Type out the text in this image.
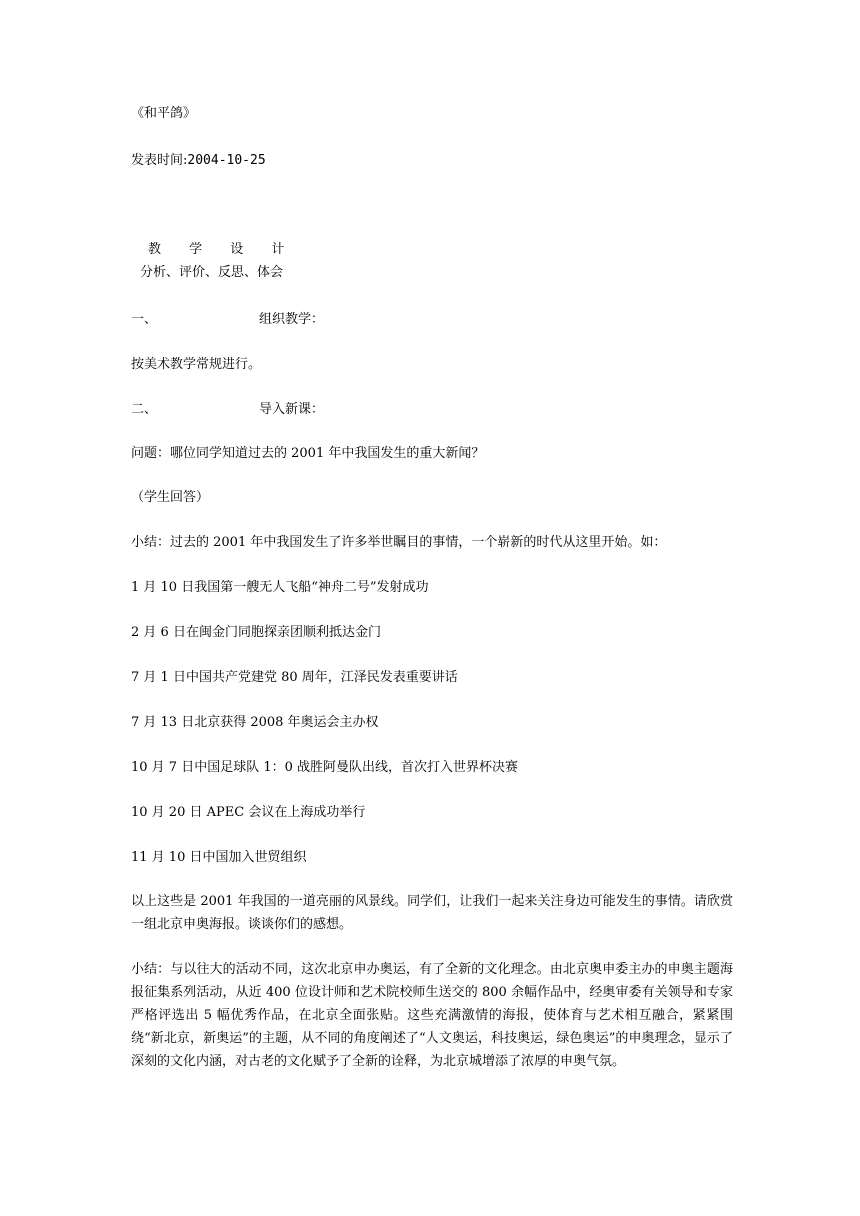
《和平鸽》

发表时间:2004-10-25

教 学 设 计

分析、评价、反思、体会

一、	组织教学：

按美术教学常规进行。

二、	导入新课：

问题：哪位同学知道过去的 2001 年中我国发生的重大新闻？

（学生回答）

小结：过去的 2001 年中我国发生了许多举世瞩目的事情，一个崭新的时代从这里开始。如：

1 月 10 日我国第一艘无人飞船“神舟二号”发射成功

2 月 6 日在闽金门同胞探亲团顺利抵达金门

7 月 1 日中国共产党建党 80 周年，江泽民发表重要讲话

7 月 13 日北京获得 2008 年奥运会主办权

10 月 7 日中国足球队 1：0 战胜阿曼队出线，首次打入世界杯决赛

10 月 20 日 APEC 会议在上海成功举行

11 月 10 日中国加入世贸组织

以上这些是 2001 年我国的一道亮丽的风景线。同学们，让我们一起来关注身边可能发生的事情。请欣赏一组北京申奥海报。谈谈你们的感想。

小结：与以往大的活动不同，这次北京申办奥运，有了全新的文化理念。由北京奥申委主办的申奥主题海报征集系列活动，从近 400 位设计师和艺术院校师生送交的 800 余幅作品中，经奥审委有关领导和专家严格评选出 5 幅优秀作品，在北京全面张贴。这些充满激情的海报，使体育与艺术相互融合，紧紧围绕“新北京，新奥运”的主题，从不同的角度阐述了“人文奥运，科技奥运，绿色奥运”的申奥理念，显示了深刻的文化内涵，对古老的文化赋予了全新的诠释，为北京城增添了浓厚的申奥气氛。
